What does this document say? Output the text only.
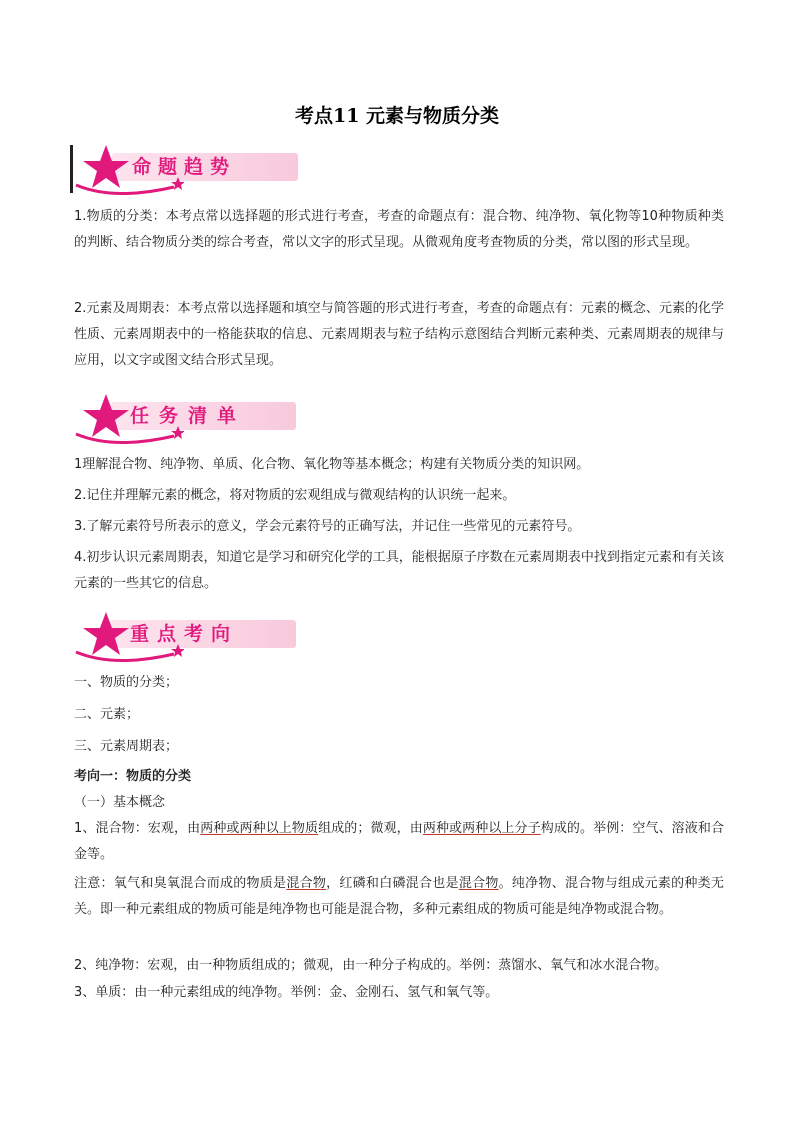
考点11 元素与物质分类
命题趋势
1.物质的分类：本考点常以选择题的形式进行考查，考查的命题点有：混合物、纯净物、氧化物等10种物质种类的判断、结合物质分类的综合考查，常以文字的形式呈现。从微观角度考查物质的分类，常以图的形式呈现。
2.元素及周期表：本考点常以选择题和填空与简答题的形式进行考查，考查的命题点有：元素的概念、元素的化学性质、元素周期表中的一格能获取的信息、元素周期表与粒子结构示意图结合判断元素种类、元素周期表的规律与应用，以文字或图文结合形式呈现。
任务清单
1理解混合物、纯净物、单质、化合物、氧化物等基本概念；构建有关物质分类的知识网。
2.记住并理解元素的概念，将对物质的宏观组成与微观结构的认识统一起来。
3.了解元素符号所表示的意义，学会元素符号的正确写法，并记住一些常见的元素符号。
4.初步认识元素周期表，知道它是学习和研究化学的工具，能根据原子序数在元素周期表中找到指定元素和有关该元素的一些其它的信息。
重点考向
一、物质的分类；
二、元素；
三、元素周期表；
考向一：物质的分类
（一）基本概念
1、混合物：宏观，由两种或两种以上物质组成的；微观，由两种或两种以上分子构成的。举例：空气、溶液和合金等。
注意：氧气和臭氧混合而成的物质是混合物，红磷和白磷混合也是混合物。纯净物、混合物与组成元素的种类无关。即一种元素组成的物质可能是纯净物也可能是混合物，多种元素组成的物质可能是纯净物或混合物。
2、纯净物：宏观，由一种物质组成的；微观，由一种分子构成的。举例：蒸馏水、氧气和冰水混合物。
3、单质：由一种元素组成的纯净物。举例：金、金刚石、氢气和氧气等。
